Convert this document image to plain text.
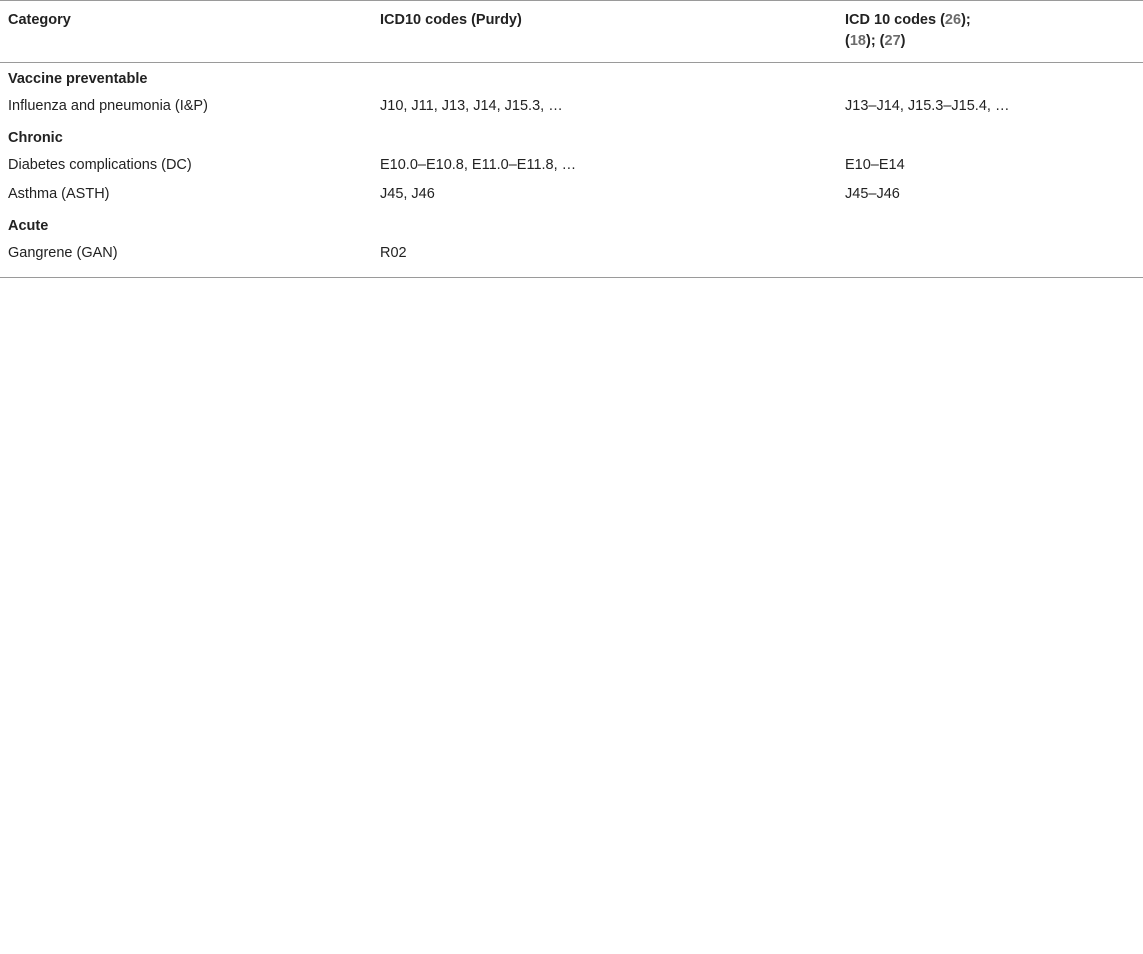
Category	ICD10 codes (Purdy)	ICD 10 codes (26);
(18); (27)
Vaccine preventable
Influenza and pneumonia (I&P)	J10, J11, J13, J14, J15.3, …	J13–J14, J15.3–J15.4, …
Chronic
Diabetes complications (DC)	E10.0–E10.8, E11.0–E11.8, …	E10–E14
Asthma (ASTH)	J45, J46	J45–J46
Acute
Gangrene (GAN)	R02
